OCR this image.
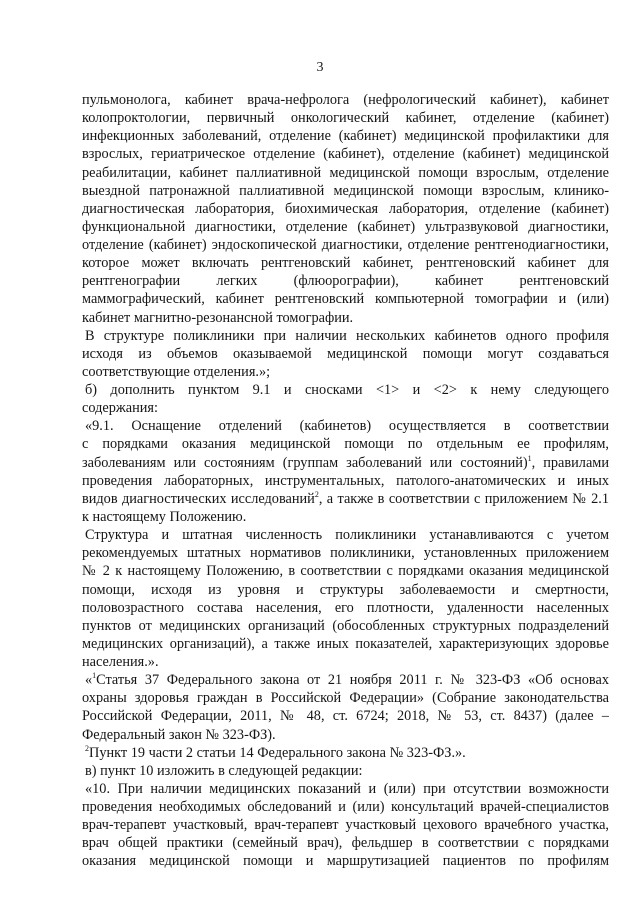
3
пульмонолога, кабинет врача-нефролога (нефрологический кабинет), кабинет
колопроктологии, первичный онкологический кабинет, отделение (кабинет)
инфекционных заболеваний, отделение (кабинет) медицинской профилактики для
взрослых, гериатрическое отделение (кабинет), отделение (кабинет) медицинской
реабилитации, кабинет паллиативной медицинской помощи взрослым, отделение
выездной патронажной паллиативной медицинской помощи взрослым, клинико-
диагностическая лаборатория, биохимическая лаборатория, отделение (кабинет)
функциональной диагностики, отделение (кабинет) ультразвуковой диагностики,
отделение (кабинет) эндоскопической диагностики, отделение рентгенодиагностики,
которое может включать рентгеновский кабинет, рентгеновский кабинет для
рентгенографии легких (флюорографии), кабинет рентгеновский
маммографический, кабинет рентгеновский компьютерной томографии и (или)
кабинет магнитно-резонансной томографии.
В структуре поликлиники при наличии нескольких кабинетов одного профиля
исходя из объемов оказываемой медицинской помощи могут создаваться
соответствующие отделения.»;
б) дополнить пунктом 9.1 и сносками <1> и <2> к нему следующего
содержания:
«9.1. Оснащение отделений (кабинетов) осуществляется в соответствии
с порядками оказания медицинской помощи по отдельным ее профилям,
заболеваниям или состояниям (группам заболеваний или состояний)$^1$, правилами
проведения лабораторных, инструментальных, патолого-анатомических и иных
видов диагностических исследований$^2$, а также в соответствии с приложением № 2.1
к настоящему Положению.
Структура и штатная численность поликлиники устанавливаются с учетом
рекомендуемых штатных нормативов поликлиники, установленных приложением
№ 2 к настоящему Положению, в соответствии с порядками оказания медицинской
помощи, исходя из уровня и структуры заболеваемости и смертности,
половозрастного состава населения, его плотности, удаленности населенных
пунктов от медицинских организаций (обособленных структурных подразделений
медицинских организаций), а также иных показателей, характеризующих здоровье
населения.».
«$^1$Статья 37 Федерального закона от 21 ноября 2011 г. № 323-ФЗ «Об основах
охраны здоровья граждан в Российской Федерации» (Собрание законодательства
Российской Федерации, 2011, № 48, ст. 6724; 2018, № 53, ст. 8437) (далее –
Федеральный закон № 323-ФЗ).
$^2$Пункт 19 части 2 статьи 14 Федерального закона № 323-ФЗ.».
в) пункт 10 изложить в следующей редакции:
«10. При наличии медицинских показаний и (или) при отсутствии возможности
проведения необходимых обследований и (или) консультаций врачей-специалистов
врач-терапевт участковый, врач-терапевт участковый цехового врачебного участка,
врач общей практики (семейный врач), фельдшер в соответствии с порядками
оказания медицинской помощи и маршрутизацией пациентов по профилям
